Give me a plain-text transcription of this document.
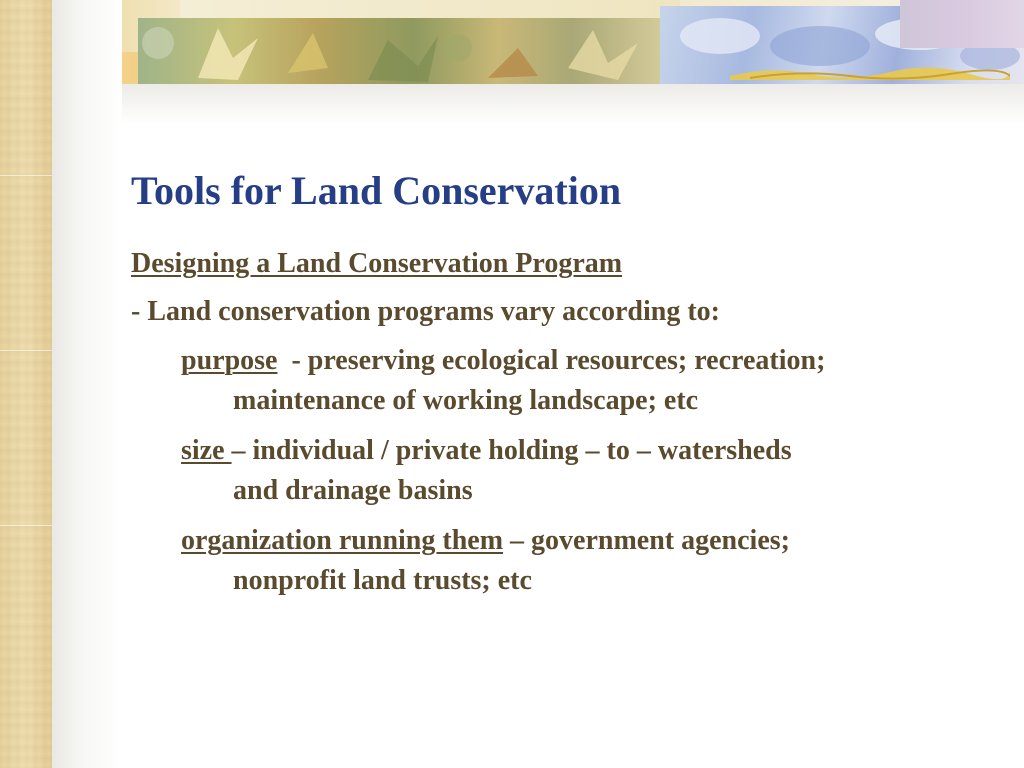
Tools for Land Conservation
Designing a Land Conservation Program
- Land conservation programs vary according to:
purpose  - preserving ecological resources; recreation;
maintenance of working landscape; etc
size – individual / private holding – to – watersheds
and drainage basins
organization running them – government agencies;
nonprofit land trusts; etc
